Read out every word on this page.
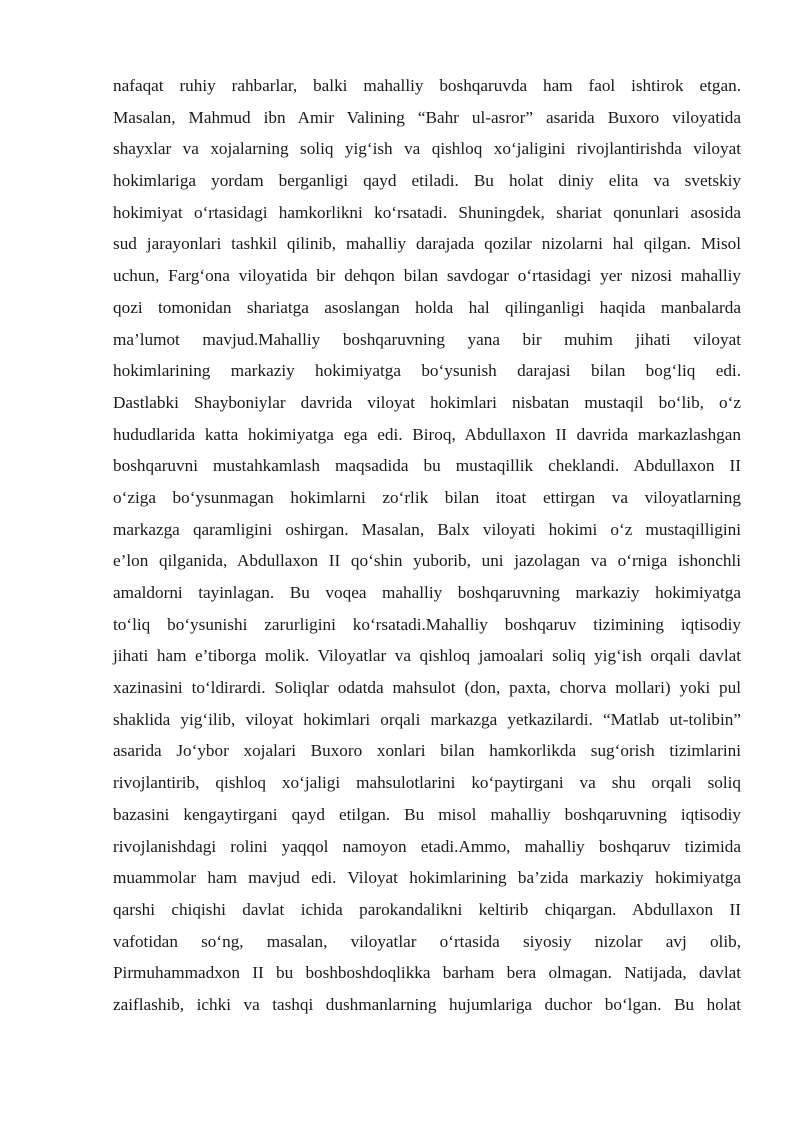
nafaqat ruhiy rahbarlar, balki mahalliy boshqaruvda ham faol ishtirok etgan.
Masalan, Mahmud ibn Amir Valining “Bahr ul-asror” asarida Buxoro viloyatida
shayxlar va xojalarning soliq yig‘ish va qishloq xo‘jaligini rivojlantirishda viloyat
hokimlariga yordam berganligi qayd etiladi. Bu holat diniy elita va svetskiy
hokimiyat o‘rtasidagi hamkorlikni ko‘rsatadi. Shuningdek, shariat qonunlari asosida
sud jarayonlari tashkil qilinib, mahalliy darajada qozilar nizolarni hal qilgan. Misol
uchun, Farg‘ona viloyatida bir dehqon bilan savdogar o‘rtasidagi yer nizosi mahalliy
qozi tomonidan shariatga asoslangan holda hal qilinganligi haqida manbalarda
ma’lumot mavjud.Mahalliy boshqaruvning yana bir muhim jihati viloyat
hokimlarining markaziy hokimiyatga bo‘ysunish darajasi bilan bog‘liq edi.
Dastlabki Shayboniylar davrida viloyat hokimlari nisbatan mustaqil bo‘lib, o‘z
hududlarida katta hokimiyatga ega edi. Biroq, Abdullaxon II davrida markazlashgan
boshqaruvni mustahkamlash maqsadida bu mustaqillik cheklandi. Abdullaxon II
o‘ziga bo‘ysunmagan hokimlarni zo‘rlik bilan itoat ettirgan va viloyatlarning
markazga qaramligini oshirgan. Masalan, Balx viloyati hokimi o‘z mustaqilligini
e’lon qilganida, Abdullaxon II qo‘shin yuborib, uni jazolagan va o‘rniga ishonchli
amaldorni tayinlagan. Bu voqea mahalliy boshqaruvning markaziy hokimiyatga
to‘liq bo‘ysunishi zarurligini ko‘rsatadi.Mahalliy boshqaruv tizimining iqtisodiy
jihati ham e’tiborga molik. Viloyatlar va qishloq jamoalari soliq yig‘ish orqali davlat
xazinasini to‘ldirardi. Soliqlar odatda mahsulot (don, paxta, chorva mollari) yoki pul
shaklida yig‘ilib, viloyat hokimlari orqali markazga yetkazilardi. “Matlab ut-tolibin”
asarida Jo‘ybor xojalari Buxoro xonlari bilan hamkorlikda sug‘orish tizimlarini
rivojlantirib, qishloq xo‘jaligi mahsulotlarini ko‘paytirgani va shu orqali soliq
bazasini kengaytirgani qayd etilgan. Bu misol mahalliy boshqaruvning iqtisodiy
rivojlanishdagi rolini yaqqol namoyon etadi.Ammo, mahalliy boshqaruv tizimida
muammolar ham mavjud edi. Viloyat hokimlarining ba’zida markaziy hokimiyatga
qarshi chiqishi davlat ichida parokandalikni keltirib chiqargan. Abdullaxon II
vafotidan so‘ng, masalan, viloyatlar o‘rtasida siyosiy nizolar avj olib,
Pirmuhammadxon II bu boshboshdoqlikka barham bera olmagan. Natijada, davlat
zaiflashib, ichki va tashqi dushmanlarning hujumlariga duchor bo‘lgan. Bu holat
